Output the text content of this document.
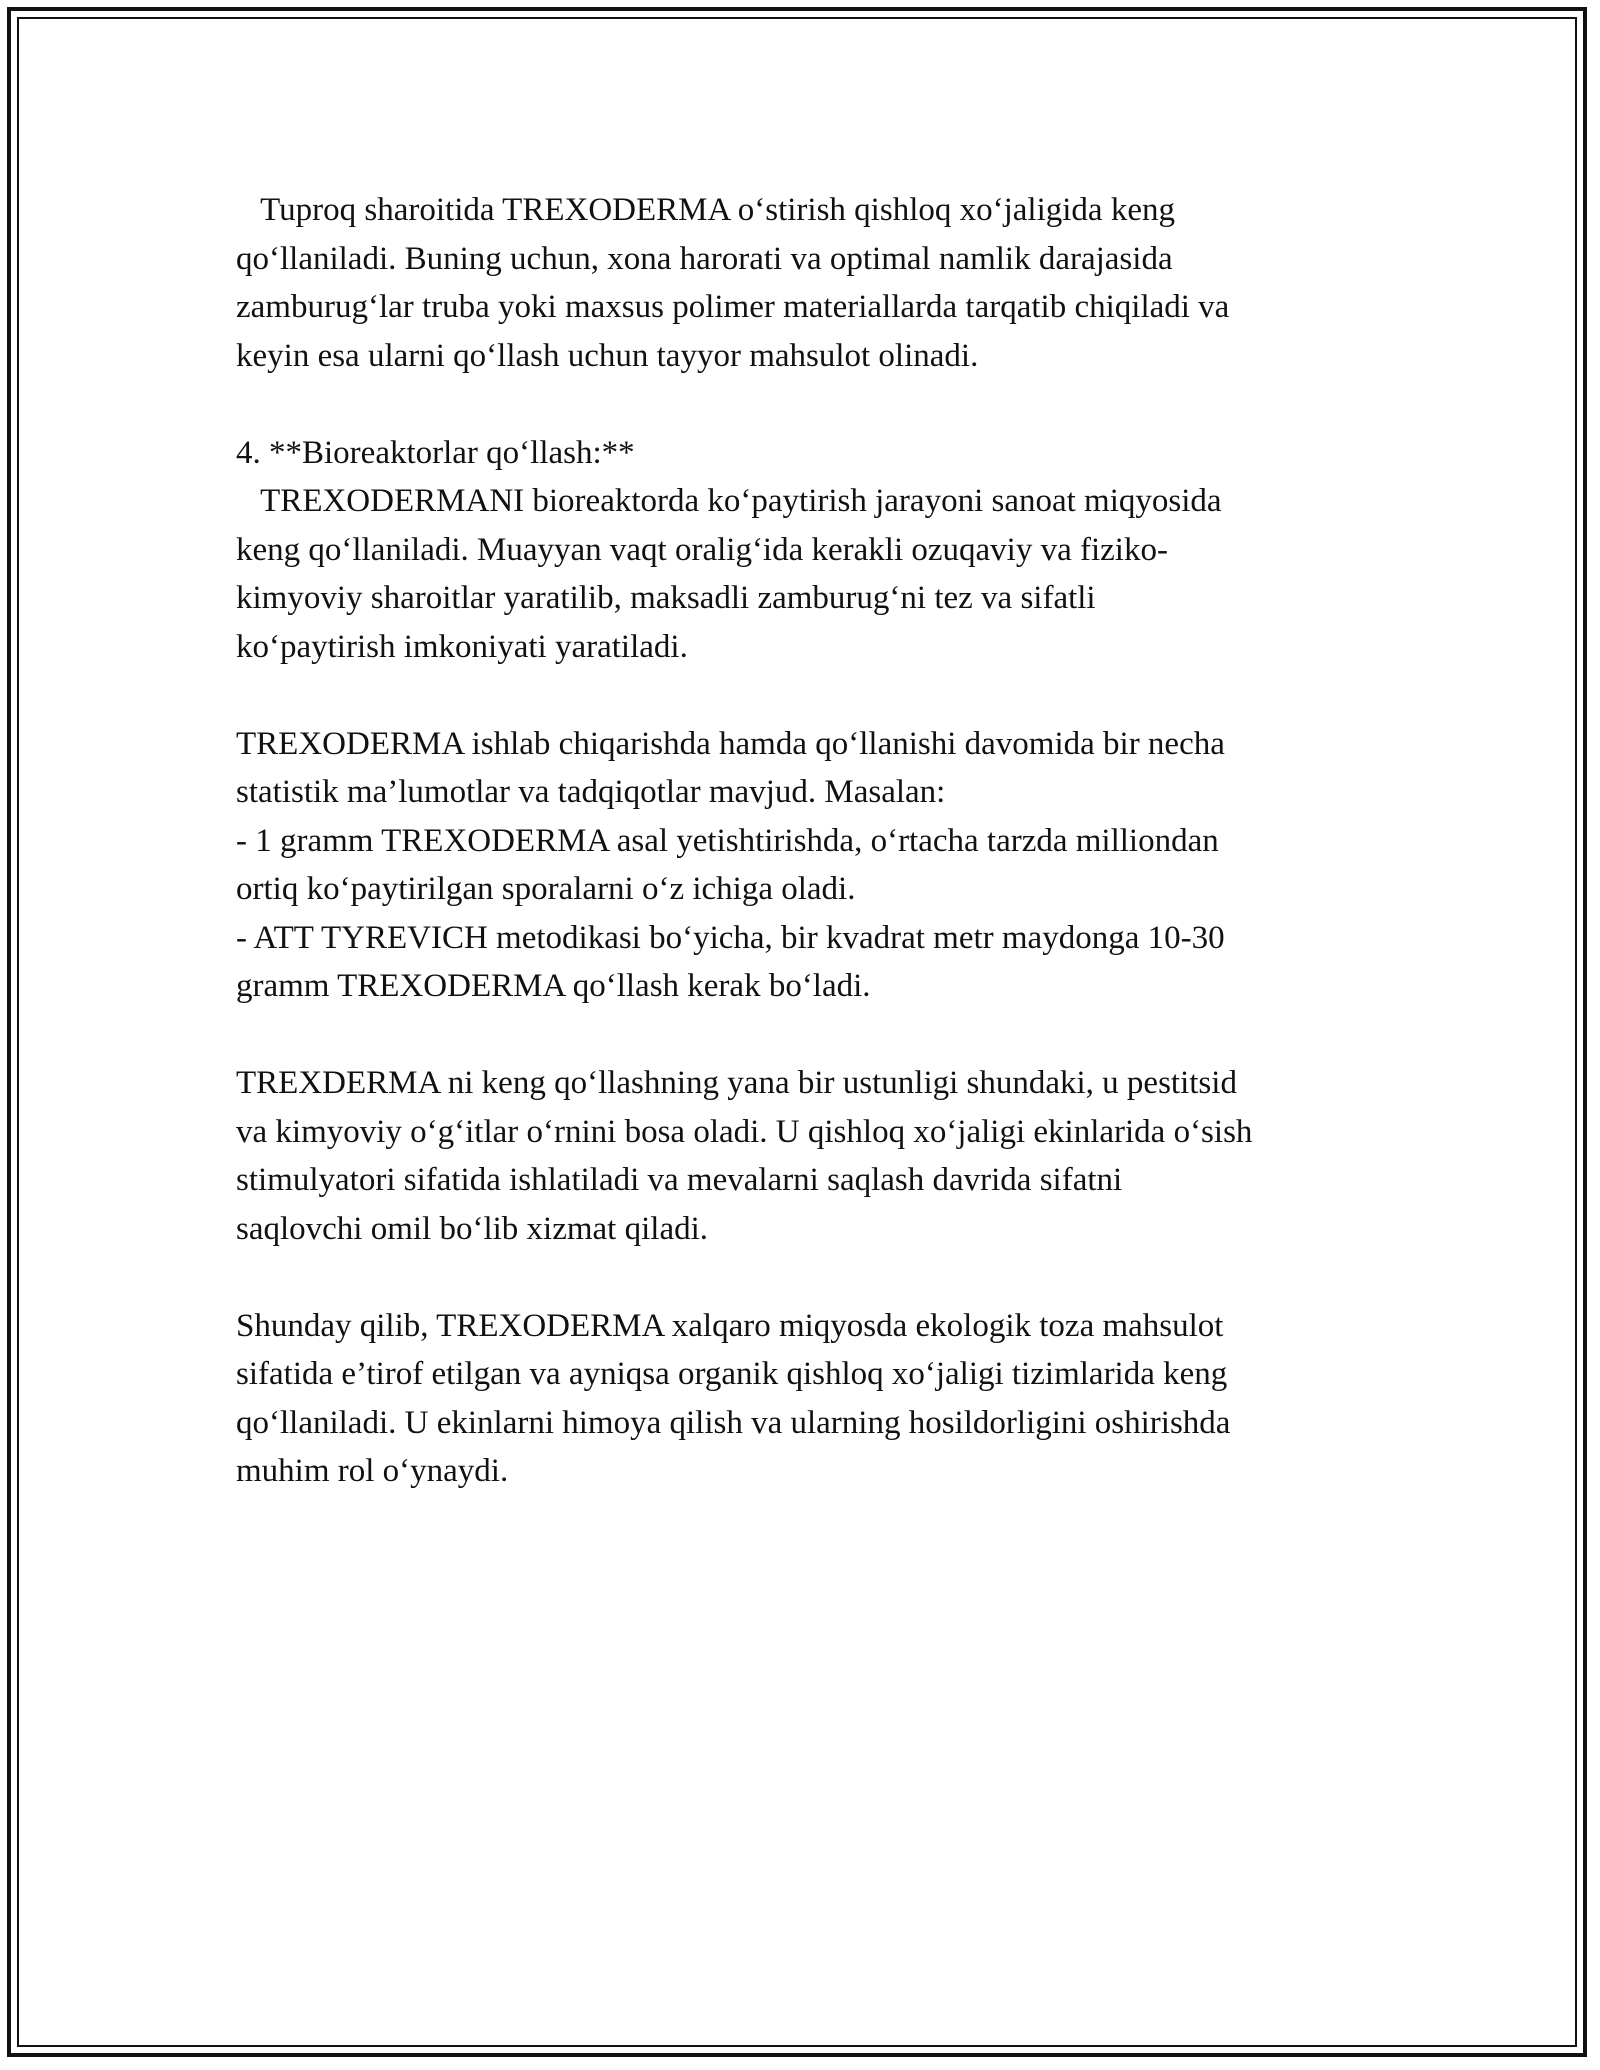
Tuproq sharoitida TREXODERMA o‘stirish qishloq xo‘jaligida keng
qo‘llaniladi. Buning uchun, xona harorati va optimal namlik darajasida
zamburug‘lar truba yoki maxsus polimer materiallarda tarqatib chiqiladi va
keyin esa ularni qo‘llash uchun tayyor mahsulot olinadi.
4. **Bioreaktorlar qo‘llash:**
TREXODERMANI bioreaktorda ko‘paytirish jarayoni sanoat miqyosida
keng qo‘llaniladi. Muayyan vaqt oralig‘ida kerakli ozuqaviy va fiziko-
kimyoviy sharoitlar yaratilib, maksadli zamburug‘ni tez va sifatli
ko‘paytirish imkoniyati yaratiladi.
TREXODERMA ishlab chiqarishda hamda qo‘llanishi davomida bir necha
statistik ma’lumotlar va tadqiqotlar mavjud. Masalan:
- 1 gramm TREXODERMA asal yetishtirishda, o‘rtacha tarzda milliondan
ortiq ko‘paytirilgan sporalarni o‘z ichiga oladi.
- ATT TYREVICH metodikasi bo‘yicha, bir kvadrat metr maydonga 10-30
gramm TREXODERMA qo‘llash kerak bo‘ladi.
TREXDERMA ni keng qo‘llashning yana bir ustunligi shundaki, u pestitsid
va kimyoviy o‘g‘itlar o‘rnini bosa oladi. U qishloq xo‘jaligi ekinlarida o‘sish
stimulyatori sifatida ishlatiladi va mevalarni saqlash davrida sifatni
saqlovchi omil bo‘lib xizmat qiladi.
Shunday qilib, TREXODERMA xalqaro miqyosda ekologik toza mahsulot
sifatida e’tirof etilgan va ayniqsa organik qishloq xo‘jaligi tizimlarida keng
qo‘llaniladi. U ekinlarni himoya qilish va ularning hosildorligini oshirishda
muhim rol o‘ynaydi.
